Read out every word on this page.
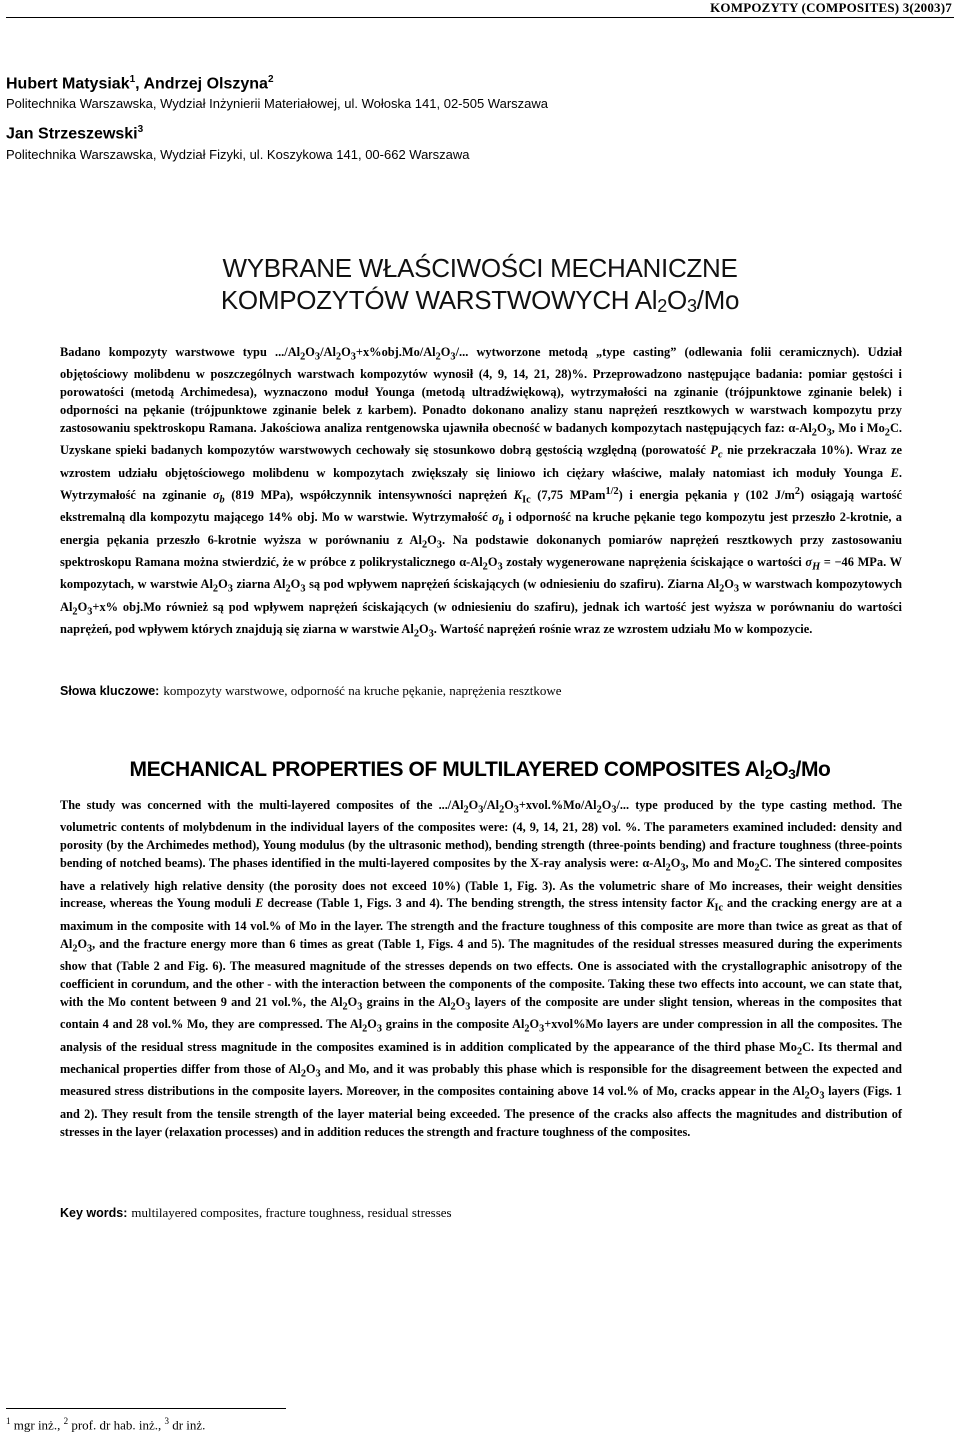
KOMPOZYTY (COMPOSITES) 3(2003)7
Hubert Matysiak$^1$, Andrzej Olszyna$^2$
Politechnika Warszawska, Wydział Inżynierii Materiałowej, ul. Wołoska 141, 02-505 Warszawa
Jan Strzeszewski$^3$
Politechnika Warszawska, Wydział Fizyki, ul. Koszykowa 141, 00-662 Warszawa
WYBRANE WŁAŚCIWOŚCI MECHANICZNE
KOMPOZYTÓW WARSTWOWYCH $Al_2O_3/Mo$

Badano kompozyty warstwowe typu $.../Al_2O_3/Al_2O_3+x\%obj.Mo/Al_2O_3/$... wytworzone metodą „type casting” (odlewania folii ceramicznych). Udział objętościowy molibdenu w poszczególnych warstwach kompozytów wynosił (4, 9, 14, 21, 28)%. Przeprowadzono następujące badania: pomiar gęstości i porowatości (metodą Archimedesa), wyznaczono moduł Younga (metodą ultradźwiękową), wytrzymałości na zginanie (trójpunktowe zginanie belek) i odporności na pękanie (trójpunktowe zginanie belek z karbem). Ponadto dokonano analizy stanu naprężeń resztkowych w warstwach kompozytu przy zastosowaniu spektroskopu Ramana. Jakościowa analiza rentgenowska ujawniła obecność w badanych kompozytach następujących faz: $\alpha-Al_2O_3$, Mo i $Mo_2C$. Uzyskane spieki badanych kompozytów warstwowych cechowały się stosunkowo dobrą gęstością względną (porowatość $P_c$ nie przekraczała 10%). Wraz ze wzrostem udziału objętościowego molibdenu w kompozytach zwiększały się liniowo ich ciężary właściwe, malały natomiast ich moduły Younga E. Wytrzymałość na zginanie $\sigma_b$ (819 MPa), współczynnik intensywności naprężeń $K_{Ic}$ (7,75 MPam$^{1/2}$) i energia pękania γ (102 $J/m^2$) osiągają wartość ekstremalną dla kompozytu mającego 14% obj. Mo w warstwie. Wytrzymałość $\sigma_b$ i odporność na kruche pękanie tego kompozytu jest przeszło 2-krotnie, a energia pękania przeszło 6-krotnie wyższa w porównaniu z $Al_2O_3$. Na podstawie dokonanych pomiarów naprężeń resztkowych przy zastosowaniu spektroskopu Ramana można stwierdzić, że w próbce z polikrystalicznego $\alpha-Al_2O_3$ zostały wygenerowane naprężenia ściskające o wartości $\sigma_H = -46$ MPa. W kompozytach, w warstwie $Al_2O_3$ ziarna $Al_2O_3$ są pod wpływem naprężeń ściskających (w odniesieniu do szafiru). Ziarna $Al_2O_3$ w warstwach kompozytowych $Al_2O_3+x\%$ obj.Mo również są pod wpływem naprężeń ściskających (w odniesieniu do szafiru), jednak ich wartość jest wyższa w porównaniu do wartości naprężeń, pod wpływem których znajdują się ziarna w warstwie $Al_2O_3$. Wartość naprężeń rośnie wraz ze wzrostem udziału Mo w kompozycie.

Słowa kluczowe: kompozyty warstwowe, odporność na kruche pękanie, naprężenia resztkowe
MECHANICAL PROPERTIES OF MULTILAYERED COMPOSITES $Al_2O_3/Mo$

The study was concerned with the multi-layered composites of the $.../Al_2O_3/Al_2O_3+xvol.\%Mo/Al_2O_3/$... type produced by the type casting method. The volumetric contents of molybdenum in the individual layers of the composites were: (4, 9, 14, 21, 28) vol. %. The parameters examined included: density and porosity (by the Archimedes method), Young modulus (by the ultrasonic method), bending strength (three-points bending) and fracture toughness (three-points bending of notched beams). The phases identified in the multi-layered composites by the X-ray analysis were: $\alpha-Al_2O_3$, Mo and $Mo_2C$. The sintered composites have a relatively high relative density (the porosity does not exceed 10%) (Table 1, Fig. 3). As the volumetric share of Mo increases, their weight densities increase, whereas the Young moduli E decrease (Table 1, Figs. 3 and 4). The bending strength, the stress intensity factor $K_{Ic}$ and the cracking energy are at a maximum in the composite with 14 vol.% of Mo in the layer. The strength and the fracture toughness of this composite are more than twice as great as that of $Al_2O_3$, and the fracture energy more than 6 times as great (Table 1, Figs. 4 and 5). The magnitudes of the residual stresses measured during the experiments show that (Table 2 and Fig. 6). The measured magnitude of the stresses depends on two effects. One is associated with the crystallographic anisotropy of the coefficient in corundum, and the other - with the interaction between the components of the composite. Taking these two effects into account, we can state that, with the Mo content between 9 and 21 vol.%, the $Al_2O_3$ grains in the $Al_2O_3$ layers of the composite are under slight tension, whereas in the composites that contain 4 and 28 vol.% Mo, they are compressed. The $Al_2O_3$ grains in the composite $Al_2O_3+xvol\%Mo$ layers are under compression in all the composites. The analysis of the residual stress magnitude in the composites examined is in addition complicated by the appearance of the third phase $Mo_2C$. Its thermal and mechanical properties differ from those of $Al_2O_3$ and Mo, and it was probably this phase which is responsible for the disagreement between the expected and measured stress distributions in the composite layers. Moreover, in the composites containing above 14 vol.% of Mo, cracks appear in the $Al_2O_3$ layers (Figs. 1 and 2). They result from the tensile strength of the layer material being exceeded. The presence of the cracks also affects the magnitudes and distribution of stresses in the layer (relaxation processes) and in addition reduces the strength and fracture toughness of the composites.

Key words: multilayered composites, fracture toughness, residual stresses
$^1$ mgr inż., $^2$ prof. dr hab. inż., $^3$ dr inż.
